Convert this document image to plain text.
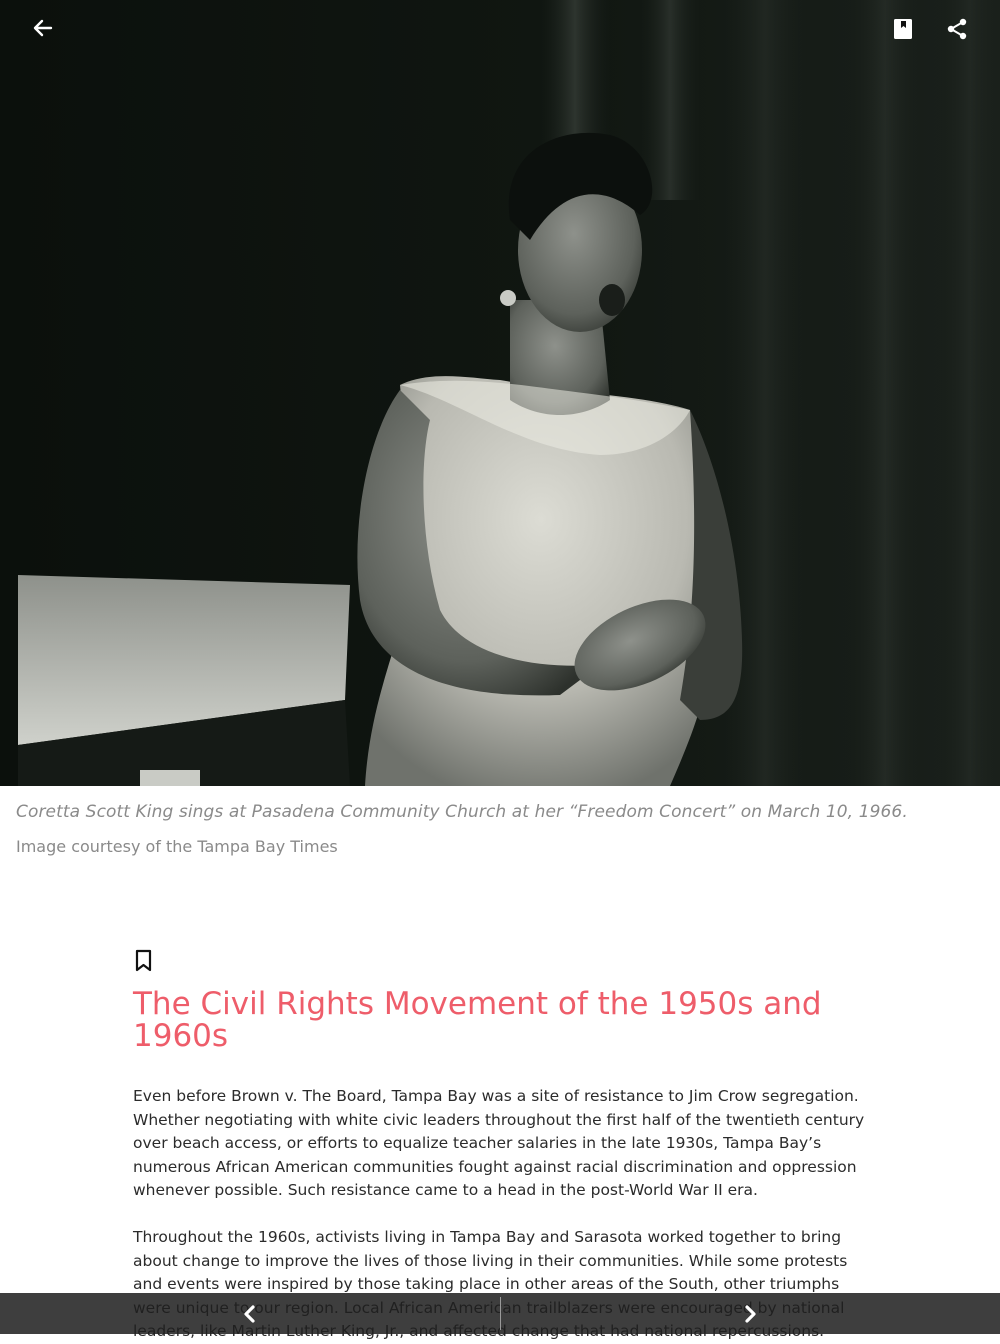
Coretta Scott King sings at Pasadena Community Church at her “Freedom Concert” on March 10, 1966.
Image courtesy of the Tampa Bay Times
The Civil Rights Movement of the 1950s and 1960s

Even before Brown v. The Board, Tampa Bay was a site of resistance to Jim Crow segregation. Whether negotiating with white civic leaders throughout the first half of the twentieth century over beach access, or efforts to equalize teacher salaries in the late 1930s, Tampa Bay’s numerous African American communities fought against racial discrimination and oppression whenever possible. Such resistance came to a head in the post-World War II era.

Throughout the 1960s, activists living in Tampa Bay and Sarasota worked together to bring about change to improve the lives of those living in their communities. While some protests and events were inspired by those taking place in other areas of the South, other triumphs
